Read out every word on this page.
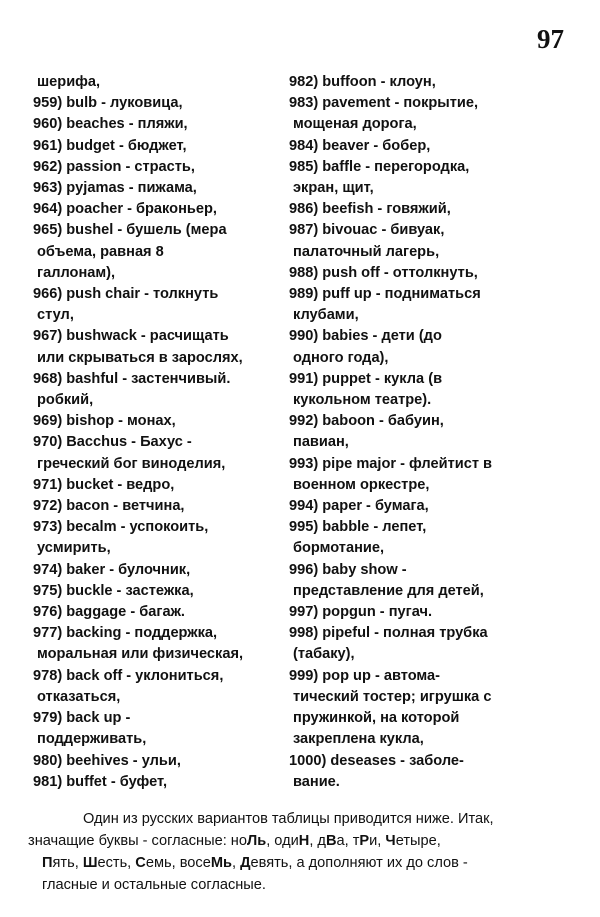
97
шерифа,
959) bulb - луковица,
960) beaches - пляжи,
961) budget - бюджет,
962) passion - страсть,
963) pyjamas - пижама,
964) poacher - браконьер,
965) bushel - бушель (мера
объема, равная 8
галлонам),
966) push chair - толкнуть
стул,
967) bushwack - расчищать
или скрываться в зарослях,
968) bashful - застенчивый.
робкий,
969) bishop - монах,
970) Bacchus - Бахус -
греческий бог виноделия,
971) bucket - ведро,
972) bacon - ветчина,
973) becalm - успокоить,
усмирить,
974) baker - булочник,
975) buckle - застежка,
976) baggage - багаж.
977) backing - поддержка,
моральная или физическая,
978) back off - уклониться,
отказаться,
979) back up -
поддерживать,
980) beehives - ульи,
981) buffet - буфет,
982) buffoon - клоун,
983) pavement - покрытие,
мощеная дорога,
984) beaver - бобер,
985) baffle - перегородка,
экран, щит,
986) beefish - говяжий,
987) bivouac - бивуак,
палаточный лагерь,
988) push off - оттолкнуть,
989) puff up - подниматься
клубами,
990) babies - дети (до
одного года),
991) puppet - кукла (в
кукольном театре).
992) baboon - бабуин,
павиан,
993) pipe major - флейтист в
военном оркестре,
994) paper - бумага,
995) babble - лепет,
бормотание,
996) baby show -
представление для детей,
997) popgun - пугач.
998) pipeful - полная трубка
(табаку),
999) pop up - автома-
тический тостер; игрушка с
пружинкой, на которой
закреплена кукла,
1000) deseases - заболе-
вание.

Один из русских вариантов таблицы приводится ниже. Итак,

значащие буквы - согласные: ноЛь, одиН, дВа, тРи, Четыре,

Пять, Шесть, Семь, восеМь, Девять, а дополняют их до слов -

гласные и остальные согласные.
